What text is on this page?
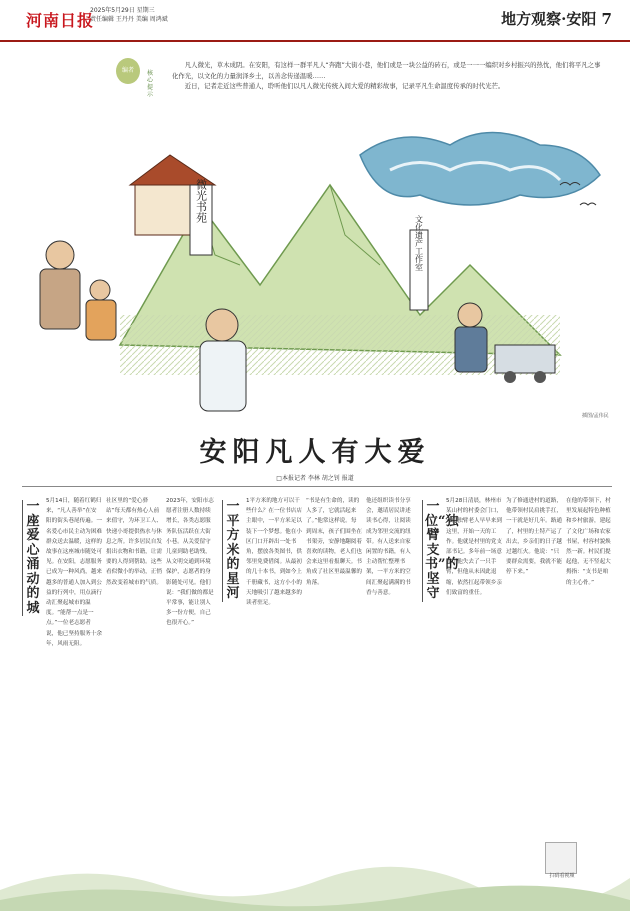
河南日报
2025年5月29日 星期三
责任编辑 王丹丹 美编 周鸿斌	地方观察·安阳 7
编者	核心提示

凡人微光，草木成阴。在安阳，有这样一群平凡人“奔跑”大街小巷，他们或是一块公益的砖石，或是一一一编织对乡村振兴的热忱，他们将平凡之事化作光，以文化的力量润泽乡土，以善念传递温暖……

近日，记者走近这些普通人，聆听他们以凡人微光传统入间大爱的精彩故事，记录平凡生命温度传承的时代光芒。

微光书苑
文化遗产工作室
插图/孟伟民
安阳凡人有大爱
□本报记者 李林 胡之钊 报道
一座爱心涌动的城
5月14日，随着红鹤归来，“凡人善举”在安阳的街头巷尾传遍。一名爱心市民主动为困难群众送去温暖，这样的故事在这座城市随处可见。在安阳，志愿服务已成为一种风尚，越来越多的普通人加入到公益的行列中，用点滴行动汇聚起城市的温度。“能帮一点是一点。”一位老志愿者说，他已坚持服务十余年，风雨无阻。
社区里的“爱心驿站”每天都有热心人前来值守，为环卫工人、快递小哥提供热水与休息之所。许多居民自发捐出衣物和书籍，让需要的人得到帮助。这些看似微小的举动，正悄然改变着城市的气质。
2023年，安阳市志愿者注册人数持续增长，各类志愿服务队伍活跃在大街小巷。从关爱留守儿童到助老助残，从文明交通到环境保护，志愿者的身影随处可见。他们说：“我们做的都是平常事，能让别人多一份方便，自己也很开心。”
一平方米的星河
1平方米的地方可以干些什么？在一位书店店主眼中，一平方米足以装下一个梦想。他在小区门口开辟出一处书角，摆放各类图书，供邻里免费借阅。从最初的几十本书，到如今上千册藏书，这方小小的天地吸引了越来越多的读者驻足。
“书是有生命的，读的人多了，它就活起来了。”他常这样说。每到周末，孩子们围坐在书架旁，安静地翻阅着喜欢的读物，老人们也会来这里看报聊天。书角成了社区里最温馨的角落。
他还组织读书分享会，邀请居民讲述读书心得，让阅读成为邻里交流的纽带。有人送来自家闲置的书籍，有人主动帮忙整理书架，一平方米的空间汇聚起满满的书香与善意。
一位“独臂支书”的坚守
5月28日清晨，林州市某山村的村委会门口，一位独臂老人早早来到这里，开始一天的工作。他就是村里的党支部书记。多年前一场意外让他失去了一只手臂，但他从未因此退缩，依然扛起带领乡亲们致富的重任。
为了修通进村的道路，他带领村民肩挑手扛，一干就是好几年。路通了，村里的土特产运了出去，乡亲们的日子越过越红火。他说：“只要群众需要，我就不能停下来。”
在他的带领下，村里发展起特色种植和乡村旅游，建起了文化广场和农家书屋，村容村貌焕然一新。村民们提起他，无不竖起大拇指：“支书是咱的主心骨。”
扫码看视频
